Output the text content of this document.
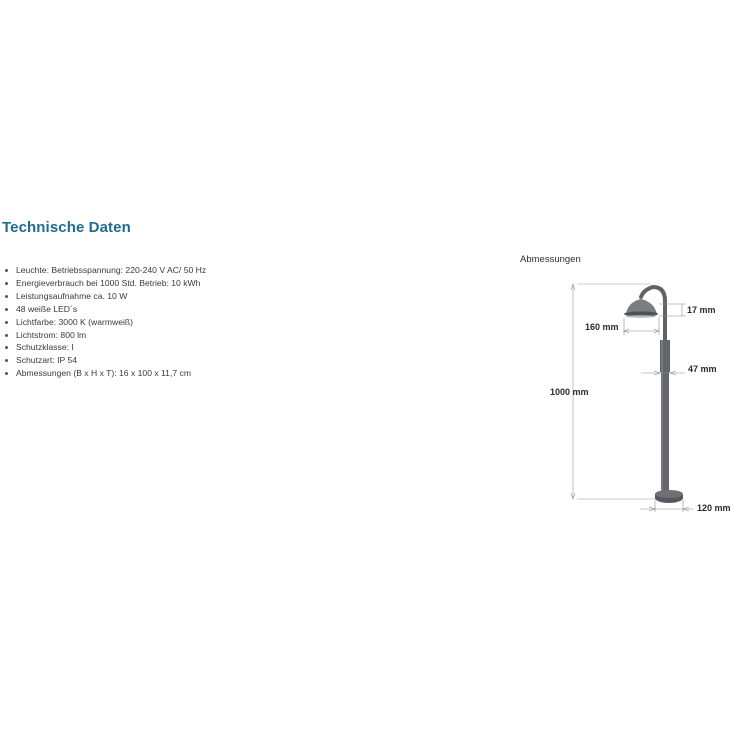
Technische Daten
Leuchte: Betriebsspannung: 220-240 V AC/ 50 Hz
Energieverbrauch bei 1000 Std. Betrieb: 10 kWh
Leistungsaufnahme ca. 10 W
48 weiße LED´s
Lichtfarbe: 3000 K (warmweiß)
Lichtstrom: 800 lm
Schutzklasse: I
Schutzart: IP 54
Abmessungen (B x H x T): 16 x 100 x 11,7 cm
Abmessungen
1000 mm
160 mm
17 mm
47 mm
120 mm
